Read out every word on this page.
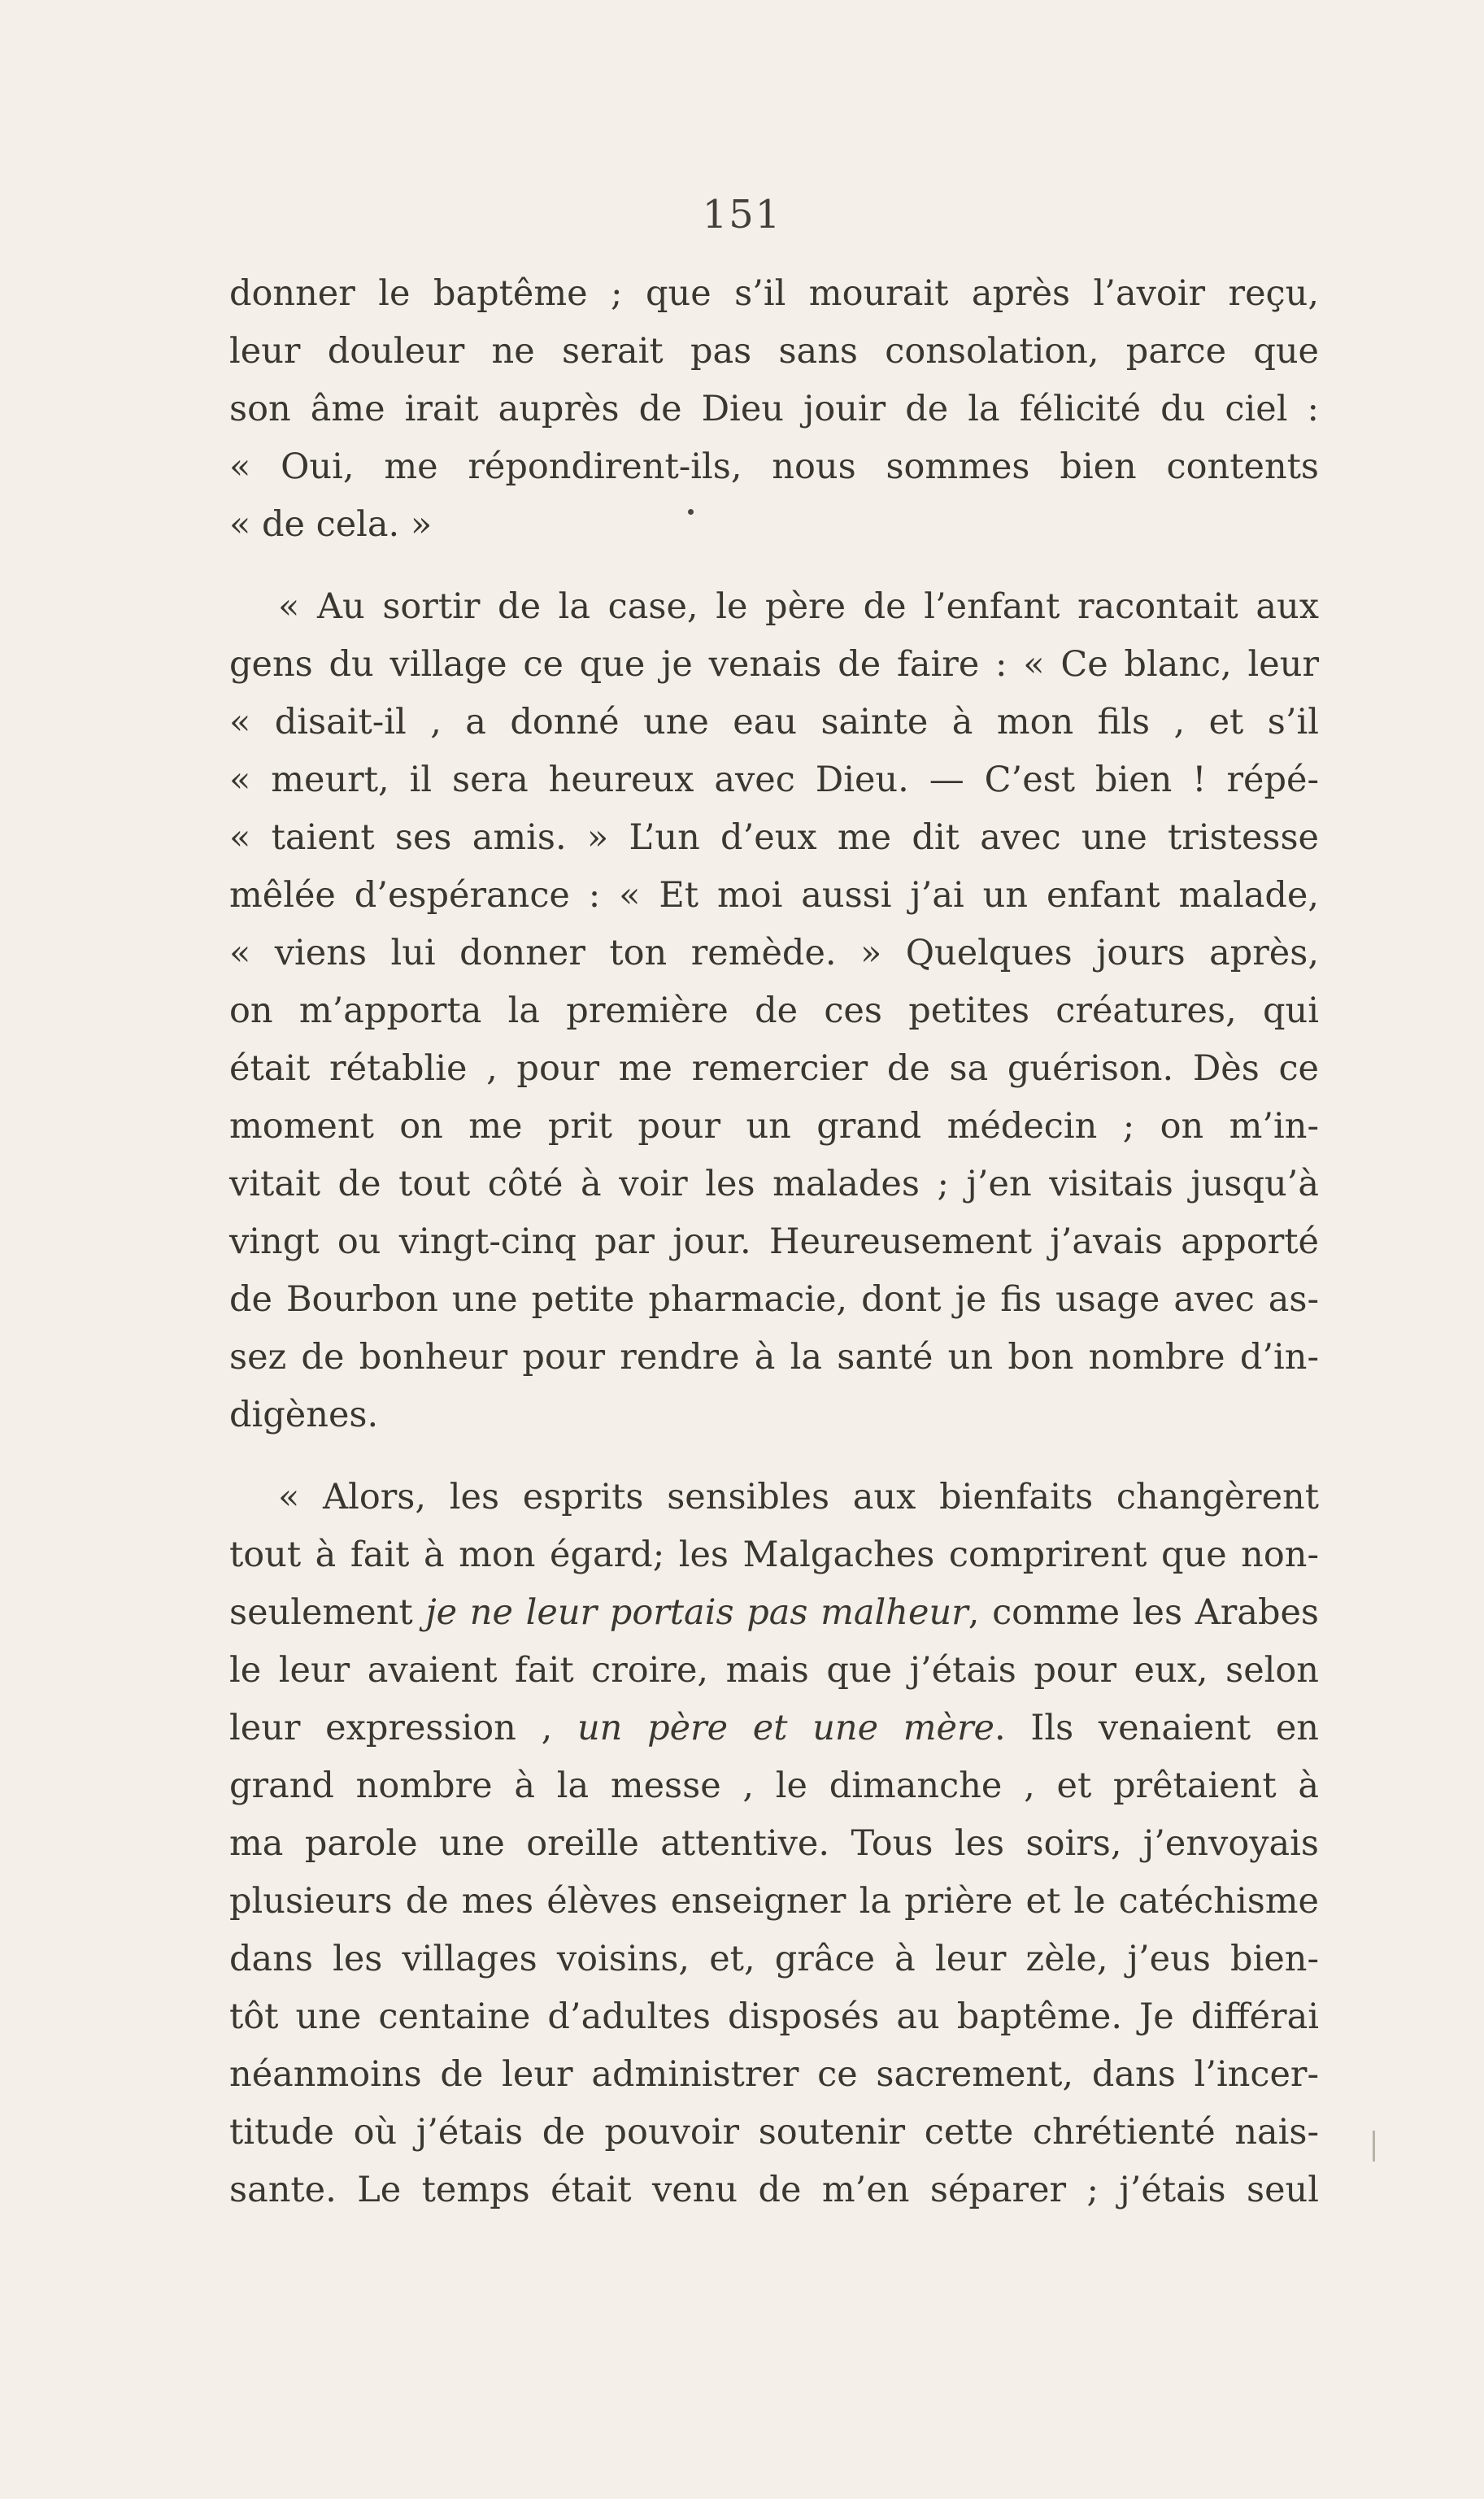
151
donner le baptême ; que s’il mourait après l’avoir reçu,
leur douleur ne serait pas sans consolation, parce que
son âme irait auprès de Dieu jouir de la félicité du ciel :
« Oui, me répondirent-ils, nous sommes bien contents
« de cela. »
« Au sortir de la case, le père de l’enfant racontait aux
gens du village ce que je venais de faire : « Ce blanc, leur
« disait-il , a donné une eau sainte à mon fils , et s’il
« meurt, il sera heureux avec Dieu. — C’est bien ! répé-
« taient ses amis. » L’un d’eux me dit avec une tristesse
mêlée d’espérance : « Et moi aussi j’ai un enfant malade,
« viens lui donner ton remède. » Quelques jours après,
on m’apporta la première de ces petites créatures, qui
était rétablie , pour me remercier de sa guérison. Dès ce
moment on me prit pour un grand médecin ; on m’in-
vitait de tout côté à voir les malades ; j’en visitais jusqu’à
vingt ou vingt-cinq par jour. Heureusement j’avais apporté
de Bourbon une petite pharmacie, dont je fis usage avec as-
sez de bonheur pour rendre à la santé un bon nombre d’in-
digènes.
« Alors, les esprits sensibles aux bienfaits changèrent
tout à fait à mon égard; les Malgaches comprirent que non-
seulement je ne leur portais pas malheur, comme les Arabes
le leur avaient fait croire, mais que j’étais pour eux, selon
leur expression , un père et une mère. Ils venaient en
grand nombre à la messe , le dimanche , et prêtaient à
ma parole une oreille attentive. Tous les soirs, j’envoyais
plusieurs de mes élèves enseigner la prière et le catéchisme
dans les villages voisins, et, grâce à leur zèle, j’eus bien-
tôt une centaine d’adultes disposés au baptême. Je différai
néanmoins de leur administrer ce sacrement, dans l’incer-
titude où j’étais de pouvoir soutenir cette chrétienté nais-
sante. Le temps était venu de m’en séparer ; j’étais seul
